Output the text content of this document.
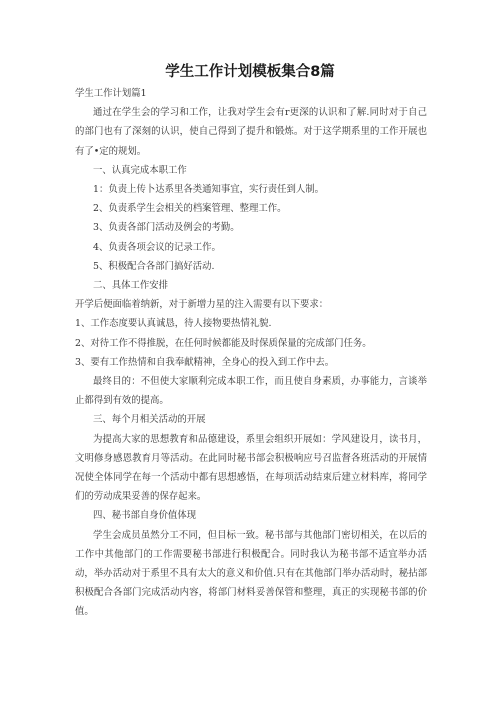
学生工作计划模板集合8篇

学生工作计划篇1

通过在学生会的学习和工作，让我对学生会有r更深的认识和了解.同时对于自己的部门也有了深刻的认识，使自己得到了提升和锻炼。对于这学期系里的工作开展也有了•定的规划。

一、认真完成本职工作

1：负责上传卜达系里各类通知事宜，实行责任到人制。

2、负责系学生会相关的档案管理、整理工作。

3、负责各部门活动及例会的考勤。

4、负责各项会议的记录工作。

5、积极配合各部门搞好活动.

二、具体工作安排

开学后便面临着纳新，对于新增力星的注入需要有以下要求：

1、工作态度要认真诚恳，待人接物要热情礼貌.

2、对待工作不得推脱，在任何时候都能及时保质保量的完成部门任务。

3、要有工作热情和自我奉献精神，全身心的投入到工作中去。

最终目的：不但使大家顺利完成本职工作，而且使自身素质，办事能力，言谈举止都得到有效的提高。

三、每个月相关活动的开展

为提高大家的思想教育和品德建设，系里会组织开展如：学风建设月，读书月，文明修身感恩教育月等活动。在此同时秘书部会积极响应号召监督各班活动的开展情况使全体同学在每一个活动中都有思想感悟，在每项活动结束后建立材料库，将同学们的劳动成果妥善的保存起来。

四、秘书部自身价值体现

学生会成员虽然分工不同，但目标一致。秘书部与其他部门密切相关，在以后的工作中其他部门的工作需要秘书部进行积极配合。同时我认为秘书部不适宜举办活动，举办活动对于系里不具有太大的意义和价值.只有在其他部门举办活动时，秘拈部积极配合各部门完成活动内容，将部门材料妥善保管和整理，真正的实现秘书部的价值。
